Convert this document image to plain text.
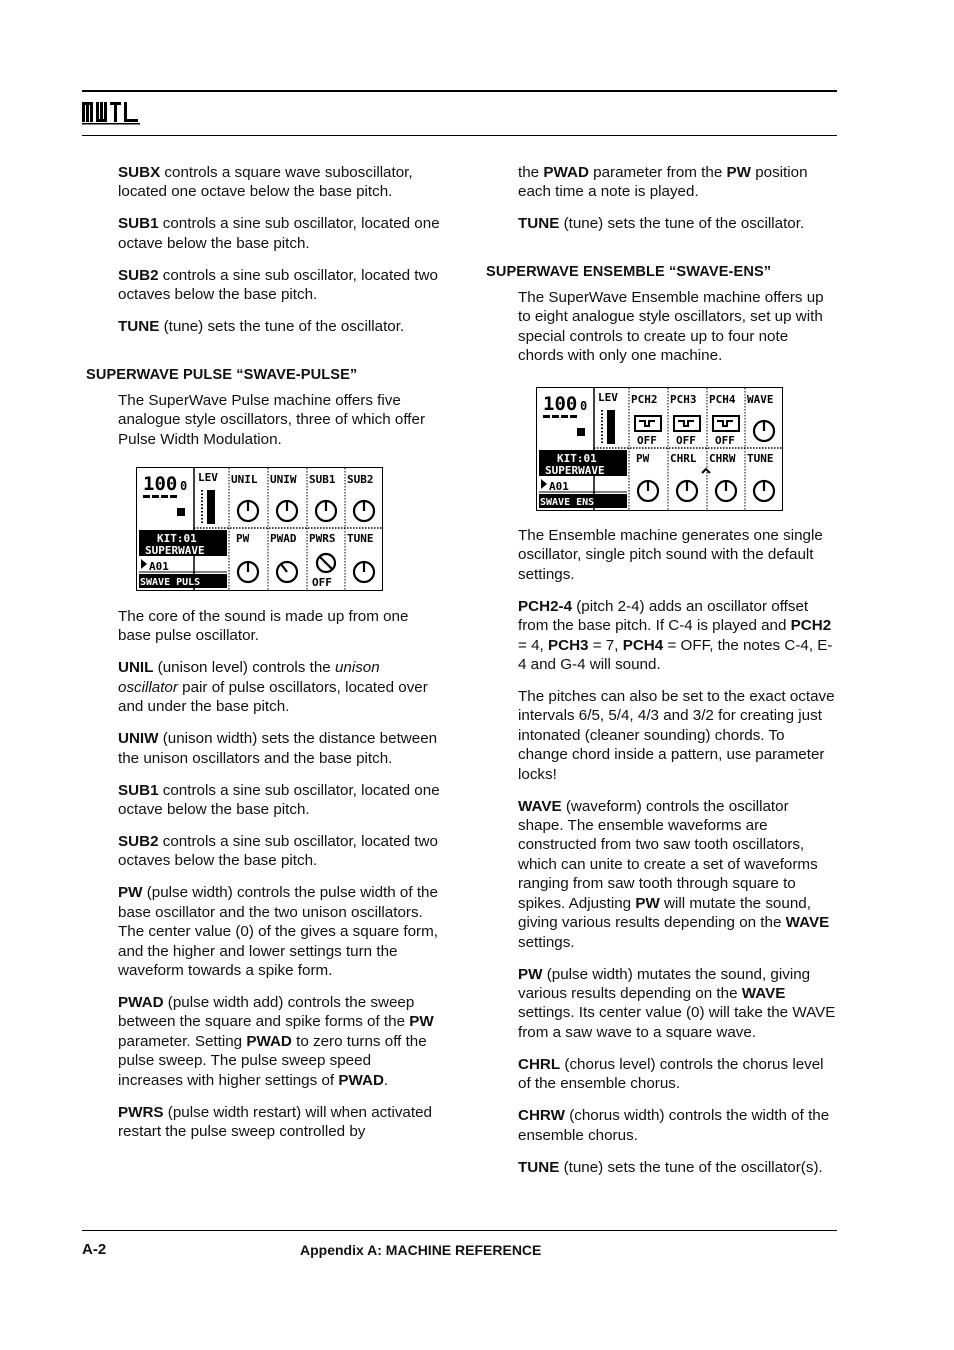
SUBX controls a square wave suboscillator, located one octave below the base pitch.

SUB1 controls a sine sub oscillator, located one octave below the base pitch.

SUB2 controls a sine sub oscillator, located two octaves below the base pitch.

TUNE (tune) sets the tune of the oscillator.

SUPERWAVE PULSE “SWAVE-PULSE”

The SuperWave Pulse machine offers five analogue style oscillators, three of which offer Pulse Width Modulation.

100 0
LEV UNIL UNIW SUB1 SUB2
KIT:01
SUPERWAVE
A01
SWAVE PULS
PW PWAD PWRS TUNE
OFF

The core of the sound is made up from one base pulse oscillator.

UNIL (unison level) controls the unison oscillator pair of pulse oscillators, located over and under the base pitch.

UNIW (unison width) sets the distance between the unison oscillators and the base pitch.

SUB1 controls a sine sub oscillator, located one octave below the base pitch.

SUB2 controls a sine sub oscillator, located two octaves below the base pitch.

PW (pulse width) controls the pulse width of the base oscillator and the two unison oscillators. The center value (0) of the gives a square form, and the higher and lower settings turn the waveform towards a spike form.

PWAD (pulse width add) controls the sweep between the square and spike forms of the PW parameter. Setting PWAD to zero turns off the pulse sweep. The pulse sweep speed increases with higher settings of PWAD.

PWRS (pulse width restart) will when activated restart the pulse sweep controlled by

the PWAD parameter from the PW position each time a note is played.

TUNE (tune) sets the tune of the oscillator.

SUPERWAVE ENSEMBLE “SWAVE-ENS”

The SuperWave Ensemble machine offers up to eight analogue style oscillators, set up with special controls to create up to four note chords with only one machine.

100 0
LEV PCH2 PCH3 PCH4 WAVE
OFF OFF OFF
KIT:01
SUPERWAVE
A01
SWAVE ENS
PW CHRL CHRW TUNE

The Ensemble machine generates one single oscillator, single pitch sound with the default settings.

PCH2-4 (pitch 2-4) adds an oscillator offset from the base pitch. If C-4 is played and PCH2 = 4, PCH3 = 7, PCH4 = OFF, the notes C-4, E-4 and G-4 will sound.

The pitches can also be set to the exact octave intervals 6/5, 5/4, 4/3 and 3/2 for creating just intonated (cleaner sounding) chords. To change chord inside a pattern, use parameter locks!

WAVE (waveform) controls the oscillator shape. The ensemble waveforms are constructed from two saw tooth oscillators, which can unite to create a set of waveforms ranging from saw tooth through square to spikes. Adjusting PW will mutate the sound, giving various results depending on the WAVE settings.

PW (pulse width) mutates the sound, giving various results depending on the WAVE settings. Its center value (0) will take the WAVE from a saw wave to a square wave.

CHRL (chorus level) controls the chorus level of the ensemble chorus.

CHRW (chorus width) controls the width of the ensemble chorus.

TUNE (tune) sets the tune of the oscillator(s).

A-2	Appendix A: MACHINE REFERENCE
